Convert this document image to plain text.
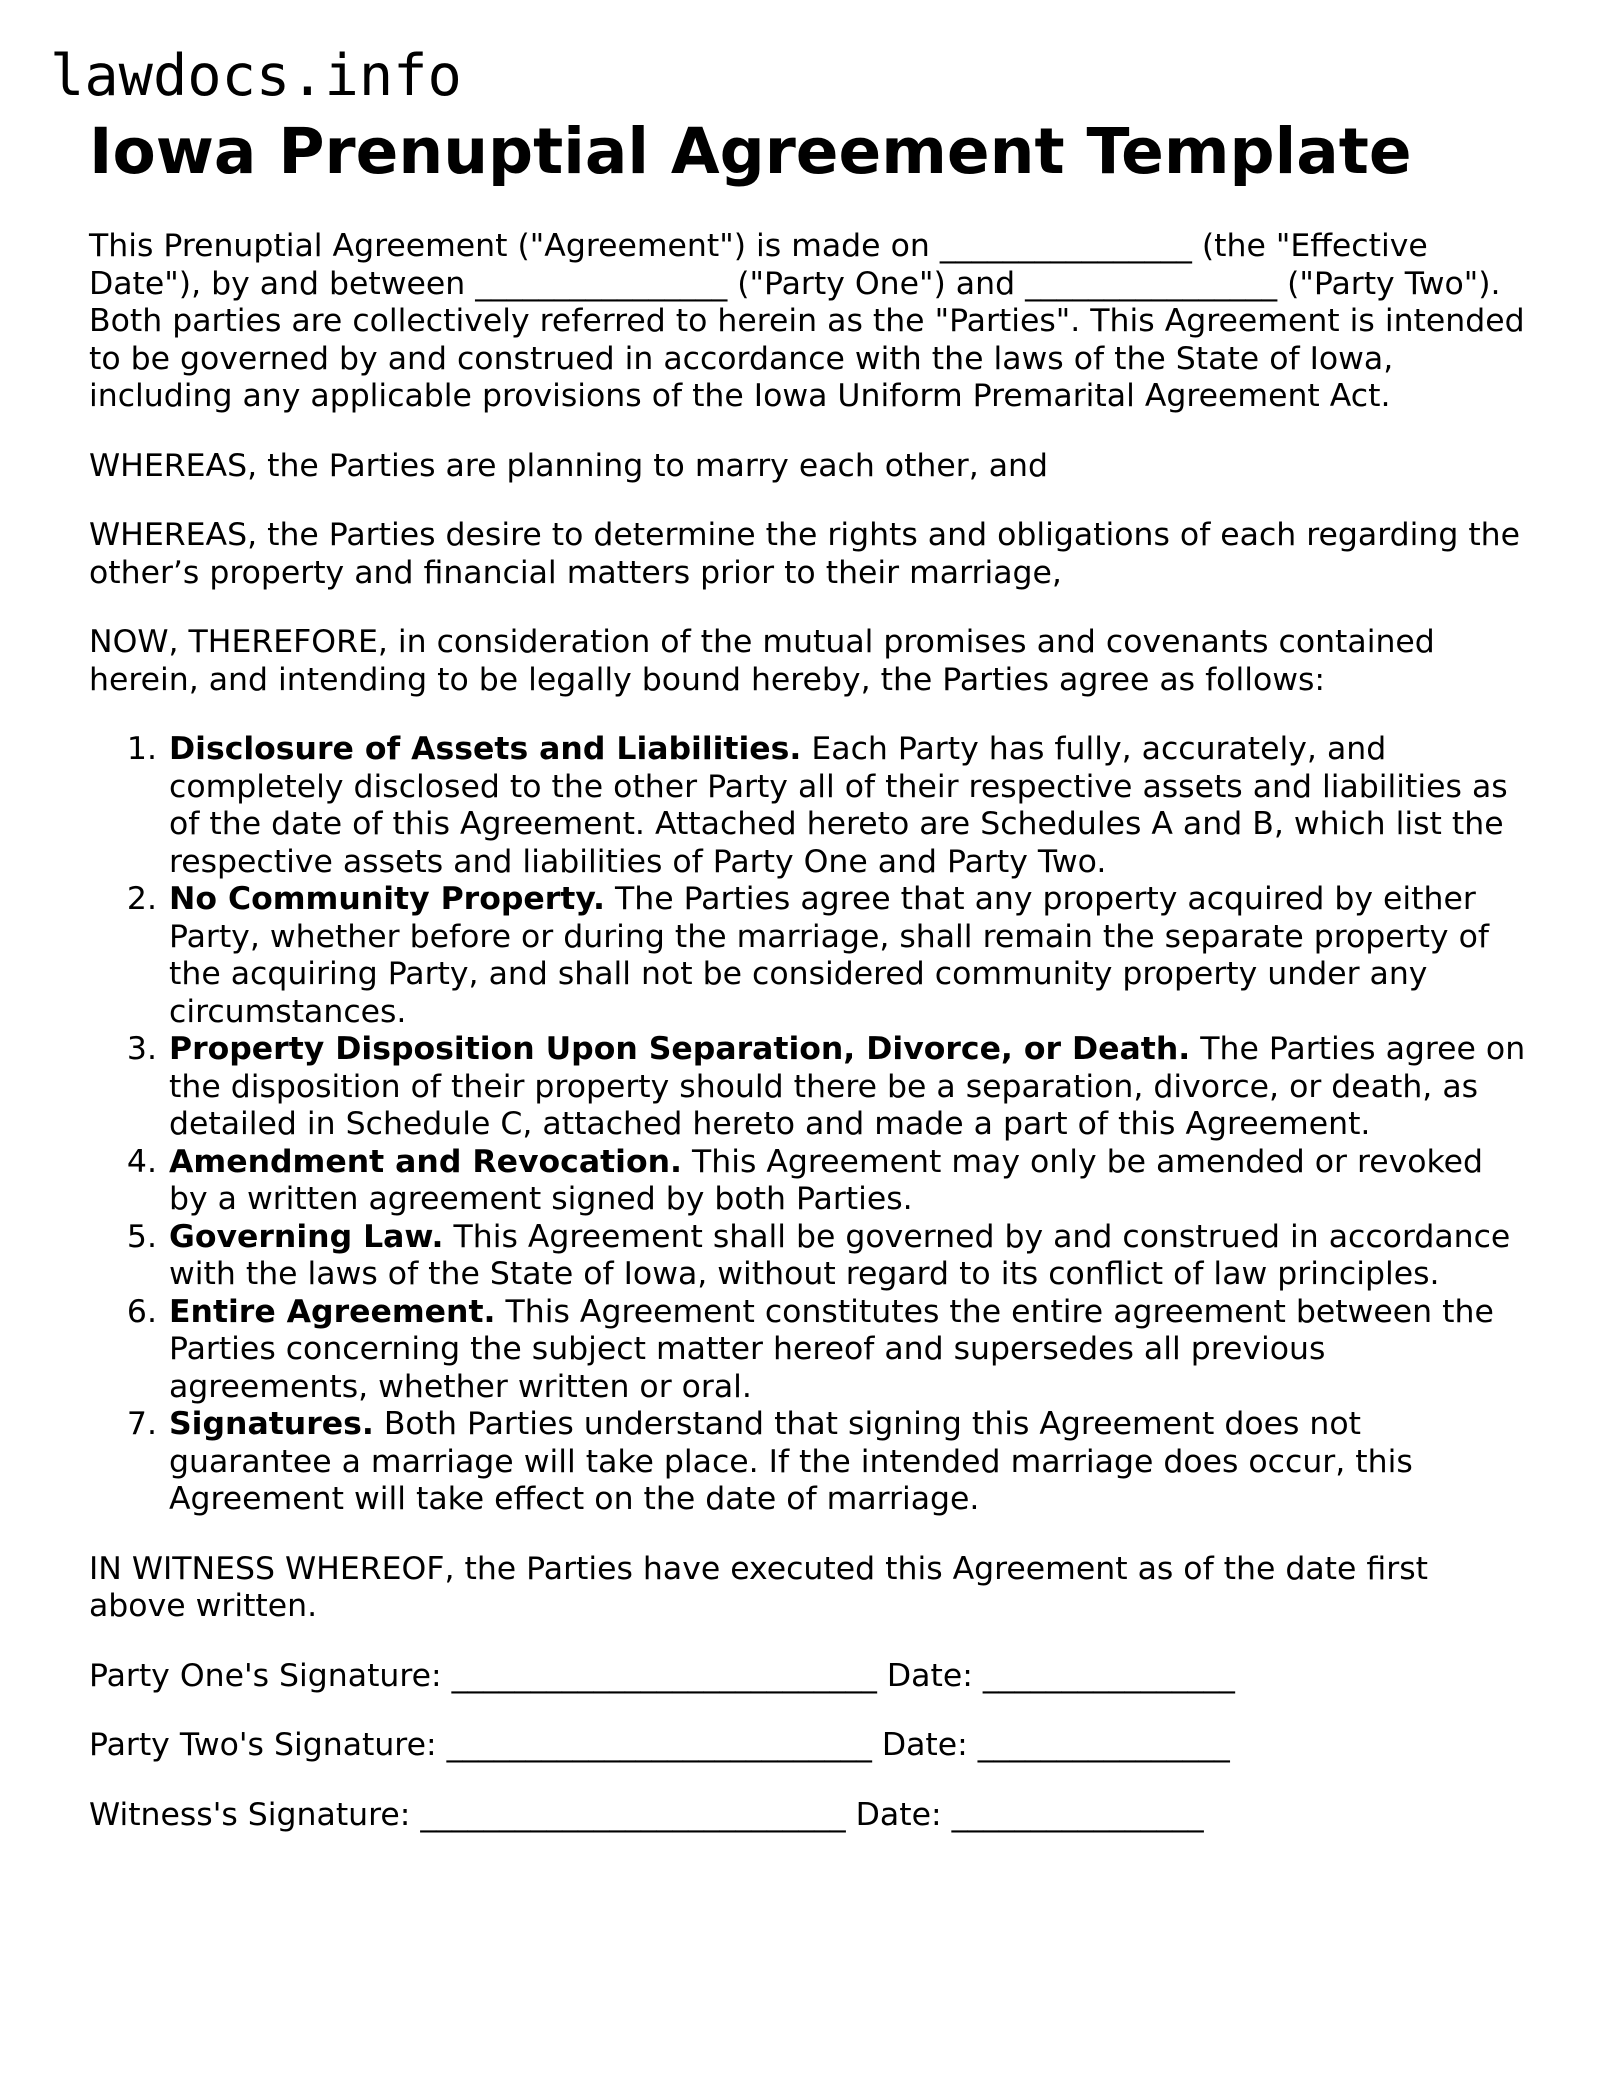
lawdocs.info
Iowa Prenuptial Agreement Template

This Prenuptial Agreement ("Agreement") is made on ________________ (the "Effective Date"), by and between ________________ ("Party One") and ________________ ("Party Two"). Both parties are collectively referred to herein as the "Parties". This Agreement is intended to be governed by and construed in accordance with the laws of the State of Iowa, including any applicable provisions of the Iowa Uniform Premarital Agreement Act.

WHEREAS, the Parties are planning to marry each other, and

WHEREAS, the Parties desire to determine the rights and obligations of each regarding the other’s property and financial matters prior to their marriage,

NOW, THEREFORE, in consideration of the mutual promises and covenants contained herein, and intending to be legally bound hereby, the Parties agree as follows:

1. Disclosure of Assets and Liabilities. Each Party has fully, accurately, and completely disclosed to the other Party all of their respective assets and liabilities as of the date of this Agreement. Attached hereto are Schedules A and B, which list the respective assets and liabilities of Party One and Party Two.
2. No Community Property. The Parties agree that any property acquired by either Party, whether before or during the marriage, shall remain the separate property of the acquiring Party, and shall not be considered community property under any circumstances.
3. Property Disposition Upon Separation, Divorce, or Death. The Parties agree on the disposition of their property should there be a separation, divorce, or death, as detailed in Schedule C, attached hereto and made a part of this Agreement.
4. Amendment and Revocation. This Agreement may only be amended or revoked by a written agreement signed by both Parties.
5. Governing Law. This Agreement shall be governed by and construed in accordance with the laws of the State of Iowa, without regard to its conflict of law principles.
6. Entire Agreement. This Agreement constitutes the entire agreement between the Parties concerning the subject matter hereof and supersedes all previous agreements, whether written or oral.
7. Signatures. Both Parties understand that signing this Agreement does not guarantee a marriage will take place. If the intended marriage does occur, this Agreement will take effect on the date of marriage.

IN WITNESS WHEREOF, the Parties have executed this Agreement as of the date first above written.

Party One's Signature: ___________________________ Date: ________________

Party Two's Signature: ___________________________ Date: ________________

Witness's Signature: ___________________________ Date: ________________
